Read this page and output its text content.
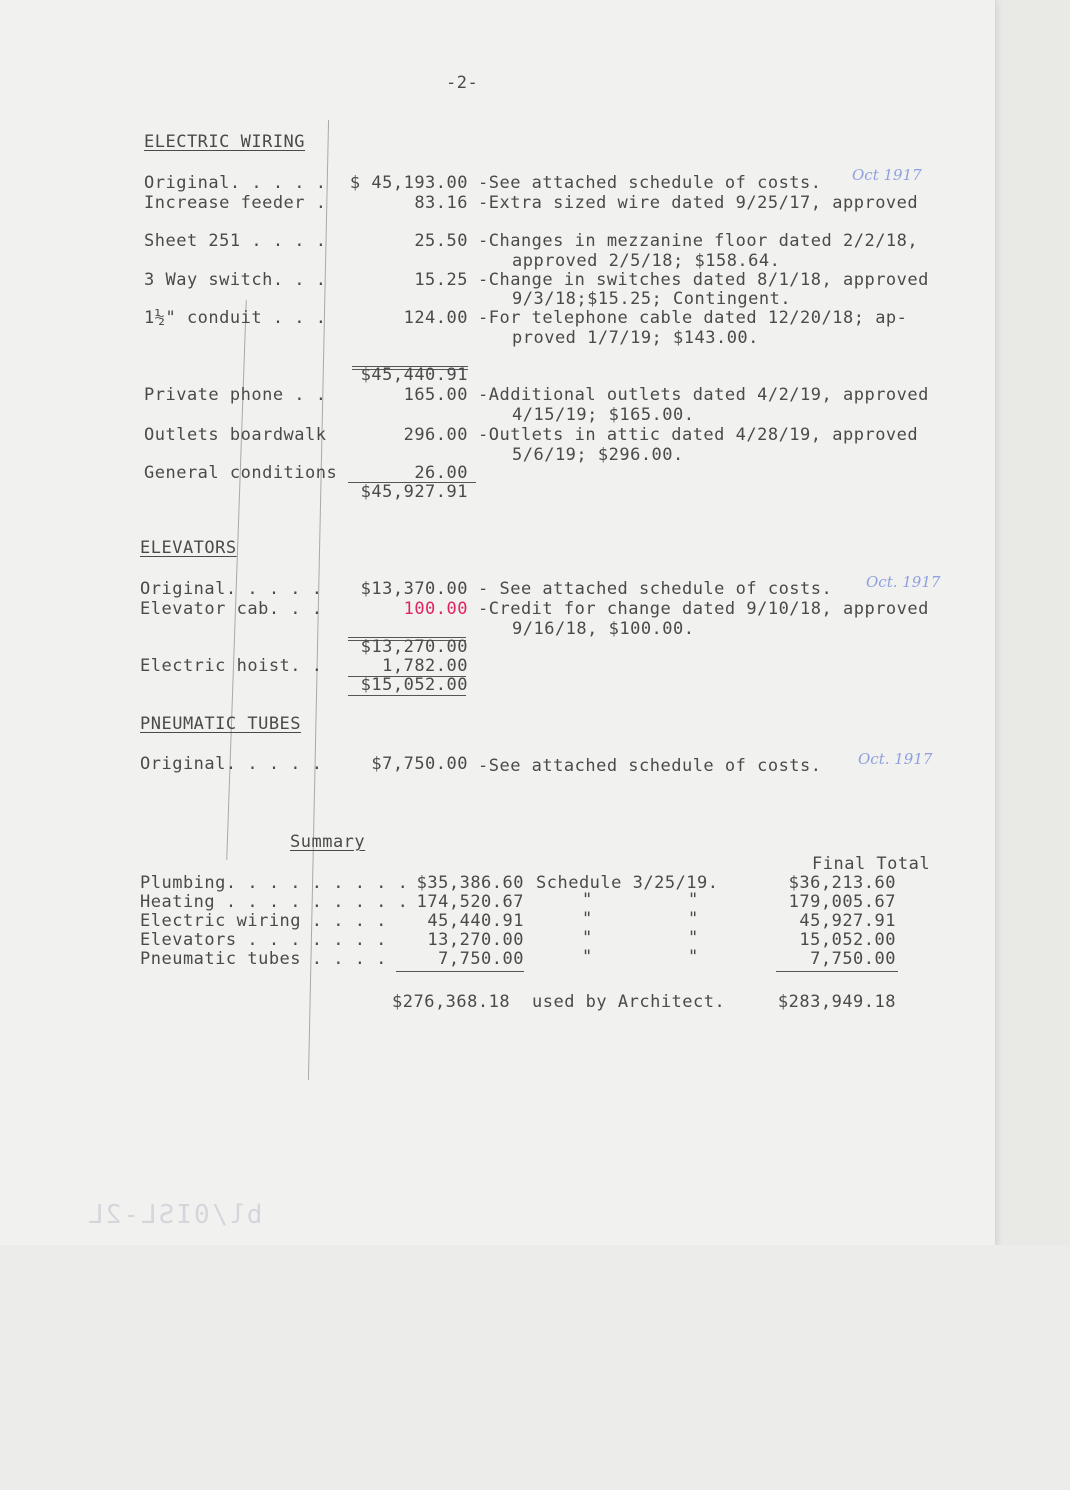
-2-
ELECTRIC WIRING
Original. . . . .	$ 45,193.00 -See attached schedule of costs. Oct 1917
Increase feeder .	83.16 -Extra sized wire dated 9/25/17, approved
Sheet 251 . . . .	25.50 -Changes in mezzanine floor dated 2/2/18,
approved 2/5/18; $158.64.
3 Way switch. . .	15.25 -Change in switches dated 8/1/18, approved
9/3/18;$15.25; Contingent.
1½" conduit . . .	124.00 -For telephone cable dated 12/20/18; ap-
proved 1/7/19; $143.00.
$45,440.91
Private phone . .	165.00 -Additional outlets dated 4/2/19, approved
4/15/19; $165.00.
Outlets boardwalk	296.00 -Outlets in attic dated 4/28/19, approved
5/6/19; $296.00.
General conditions	26.00
$45,927.91
ELEVATORS
Original. . . . .	$13,370.00 - See attached schedule of costs. Oct. 1917
Elevator cab. . .	100.00 -Credit for change dated 9/10/18, approved
9/16/18, $100.00.
$13,270.00
Electric hoist. .	1,782.00
$15,052.00
PNEUMATIC TUBES
Original. . . . .	$7,750.00 -See attached schedule of costs. Oct. 1917
Summary
Final Total
Plumbing. . . . . . . . . $35,386.60 Schedule 3/25/19.	$36,213.60
Heating . . . . . . . . . 174,520.67	"	"	179,005.67
Electric wiring . . . .	45,440.91	"	"	45,927.91
Elevators . . . . . . .	13,270.00	"	"	15,052.00
Pneumatic tubes . . . .	7,750.00	"	"	7,750.00
$276,368.18 used by Architect.	$283,949.18
bl/0ISL-2L
